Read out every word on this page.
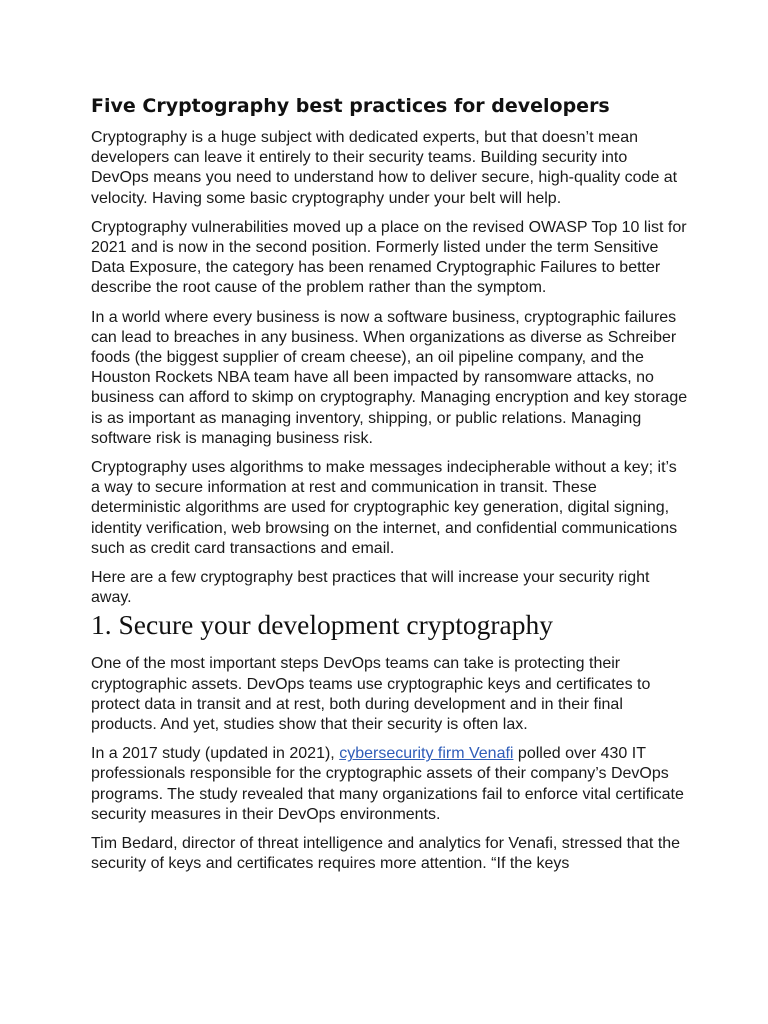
Five Cryptography best practices for developers

Cryptography is a huge subject with dedicated experts, but that doesn’t mean developers can leave it entirely to their security teams. Building security into DevOps means you need to understand how to deliver secure, high-quality code at velocity. Having some basic cryptography under your belt will help.

Cryptography vulnerabilities moved up a place on the revised OWASP Top 10 list for 2021 and is now in the second position. Formerly listed under the term Sensitive Data Exposure, the category has been renamed Cryptographic Failures to better describe the root cause of the problem rather than the symptom.

In a world where every business is now a software business, cryptographic failures can lead to breaches in any business. When organizations as diverse as Schreiber foods (the biggest supplier of cream cheese), an oil pipeline company, and the Houston Rockets NBA team have all been impacted by ransomware attacks, no business can afford to skimp on cryptography. Managing encryption and key storage is as important as managing inventory, shipping, or public relations. Managing software risk is managing business risk.

Cryptography uses algorithms to make messages indecipherable without a key; it’s a way to secure information at rest and communication in transit. These deterministic algorithms are used for cryptographic key generation, digital signing, identity verification, web browsing on the internet, and confidential communications such as credit card transactions and email.

Here are a few cryptography best practices that will increase your security right away.

1. Secure your development cryptography

One of the most important steps DevOps teams can take is protecting their cryptographic assets. DevOps teams use cryptographic keys and certificates to protect data in transit and at rest, both during development and in their final products. And yet, studies show that their security is often lax.

In a 2017 study (updated in 2021), cybersecurity firm Venafi polled over 430 IT professionals responsible for the cryptographic assets of their company’s DevOps programs. The study revealed that many organizations fail to enforce vital certificate security measures in their DevOps environments.

Tim Bedard, director of threat intelligence and analytics for Venafi, stressed that the security of keys and certificates requires more attention. “If the keys
